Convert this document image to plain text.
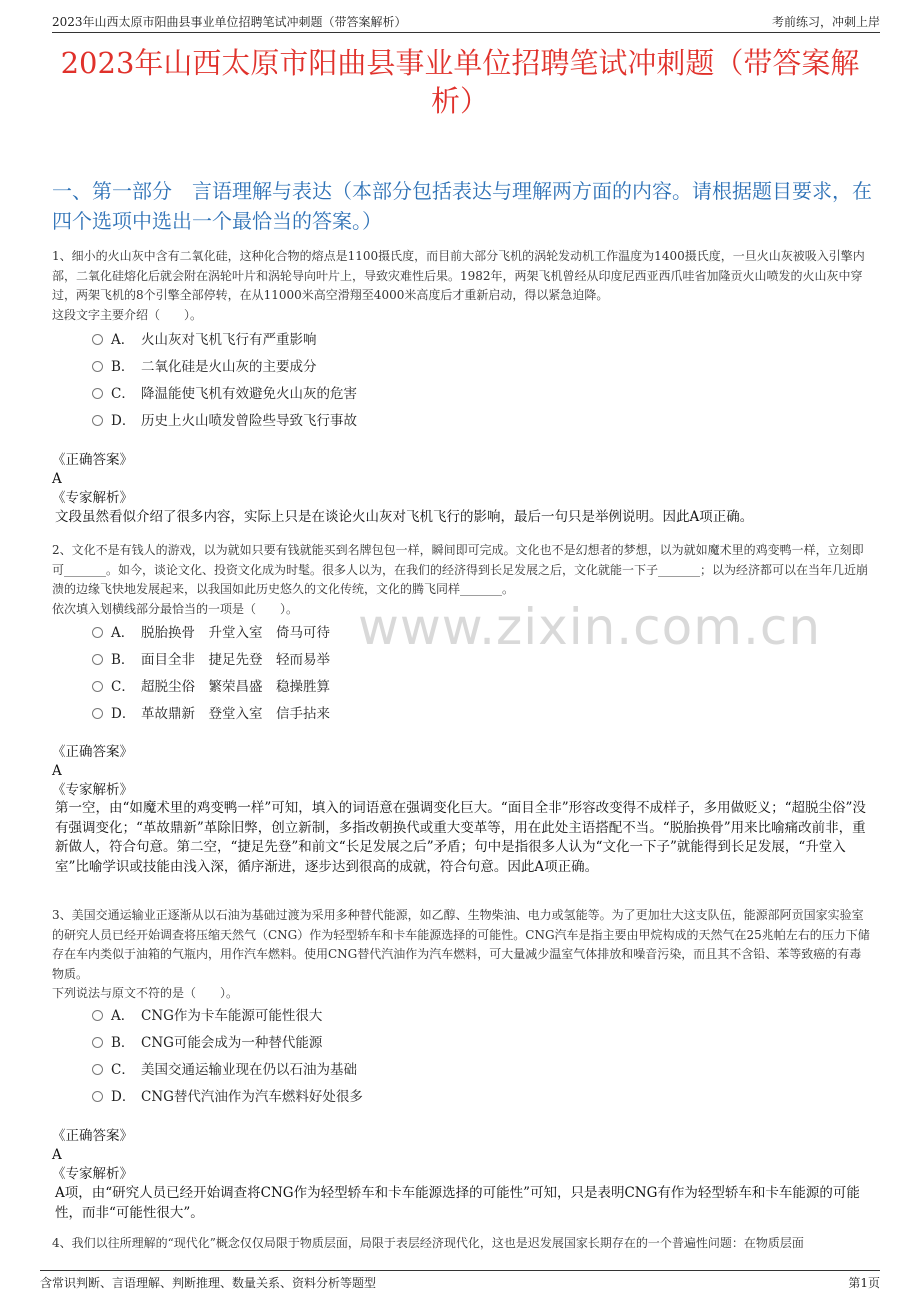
2023年山西太原市阳曲县事业单位招聘笔试冲刺题（带答案解析）	考前练习，冲刺上岸
2023年山西太原市阳曲县事业单位招聘笔试冲刺题（带答案解析）
一、第一部分　言语理解与表达（本部分包括表达与理解两方面的内容。请根据题目要求，在四个选项中选出一个最恰当的答案。）
www.zixin.com.cn
1、细小的火山灰中含有二氧化硅，这种化合物的熔点是1100摄氏度，而目前大部分飞机的涡轮发动机工作温度为1400摄氏度，一旦火山灰被吸入引擎内部，二氧化硅熔化后就会附在涡轮叶片和涡轮导向叶片上，导致灾难性后果。1982年，两架飞机曾经从印度尼西亚西爪哇省加隆贡火山喷发的火山灰中穿过，两架飞机的8个引擎全部停转，在从11000米高空滑翔至4000米高度后才重新启动，得以紧急迫降。
这段文字主要介绍（　　）。
A． 火山灰对飞机飞行有严重影响
B． 二氧化硅是火山灰的主要成分
C． 降温能使飞机有效避免火山灰的危害
D． 历史上火山喷发曾险些导致飞行事故
《正确答案》
A
《专家解析》
文段虽然看似介绍了很多内容，实际上只是在谈论火山灰对飞机飞行的影响，最后一句只是举例说明。因此A项正确。
2、文化不是有钱人的游戏，以为就如只要有钱就能买到名牌包包一样，瞬间即可完成。文化也不是幻想者的梦想，以为就如魔术里的鸡变鸭一样，立刻即可_______。如今，谈论文化、投资文化成为时髦。很多人以为，在我们的经济得到长足发展之后，文化就能一下子_______；以为经济都可以在当年几近崩溃的边缘飞快地发展起来，以我国如此历史悠久的文化传统，文化的腾飞同样_______。
依次填入划横线部分最恰当的一项是（　　）。
A． 脱胎换骨　升堂入室　倚马可待
B． 面目全非　捷足先登　轻而易举
C． 超脱尘俗　繁荣昌盛　稳操胜算
D． 革故鼎新　登堂入室　信手拈来
《正确答案》
A
《专家解析》
第一空，由“如魔术里的鸡变鸭一样”可知，填入的词语意在强调变化巨大。“面目全非”形容改变得不成样子，多用做贬义；“超脱尘俗”没有强调变化；“革故鼎新”革除旧弊，创立新制，多指改朝换代或重大变革等，用在此处主语搭配不当。“脱胎换骨”用来比喻痛改前非，重新做人，符合句意。第二空，“捷足先登”和前文“长足发展之后”矛盾；句中是指很多人认为“文化一下子”就能得到长足发展，“升堂入室”比喻学识或技能由浅入深，循序渐进，逐步达到很高的成就，符合句意。因此A项正确。
3、美国交通运输业正逐渐从以石油为基础过渡为采用多种替代能源，如乙醇、生物柴油、电力或氢能等。为了更加壮大这支队伍，能源部阿贡国家实验室的研究人员已经开始调查将压缩天然气（CNG）作为轻型轿车和卡车能源选择的可能性。CNG汽车是指主要由甲烷构成的天然气在25兆帕左右的压力下储存在车内类似于油箱的气瓶内，用作汽车燃料。使用CNG替代汽油作为汽车燃料，可大量减少温室气体排放和噪音污染，而且其不含铅、苯等致癌的有毒物质。
下列说法与原文不符的是（　　）。
A． CNG作为卡车能源可能性很大
B． CNG可能会成为一种替代能源
C． 美国交通运输业现在仍以石油为基础
D． CNG替代汽油作为汽车燃料好处很多
《正确答案》
A
《专家解析》
A项，由“研究人员已经开始调查将CNG作为轻型轿车和卡车能源选择的可能性”可知，只是表明CNG有作为轻型轿车和卡车能源的可能性，而非“可能性很大”。
4、我们以往所理解的“现代化”概念仅仅局限于物质层面，局限于表层经济现代化，这也是迟发展国家长期存在的一个普遍性问题：在物质层面
含常识判断、言语理解、判断推理、数量关系、资料分析等题型	第1页
